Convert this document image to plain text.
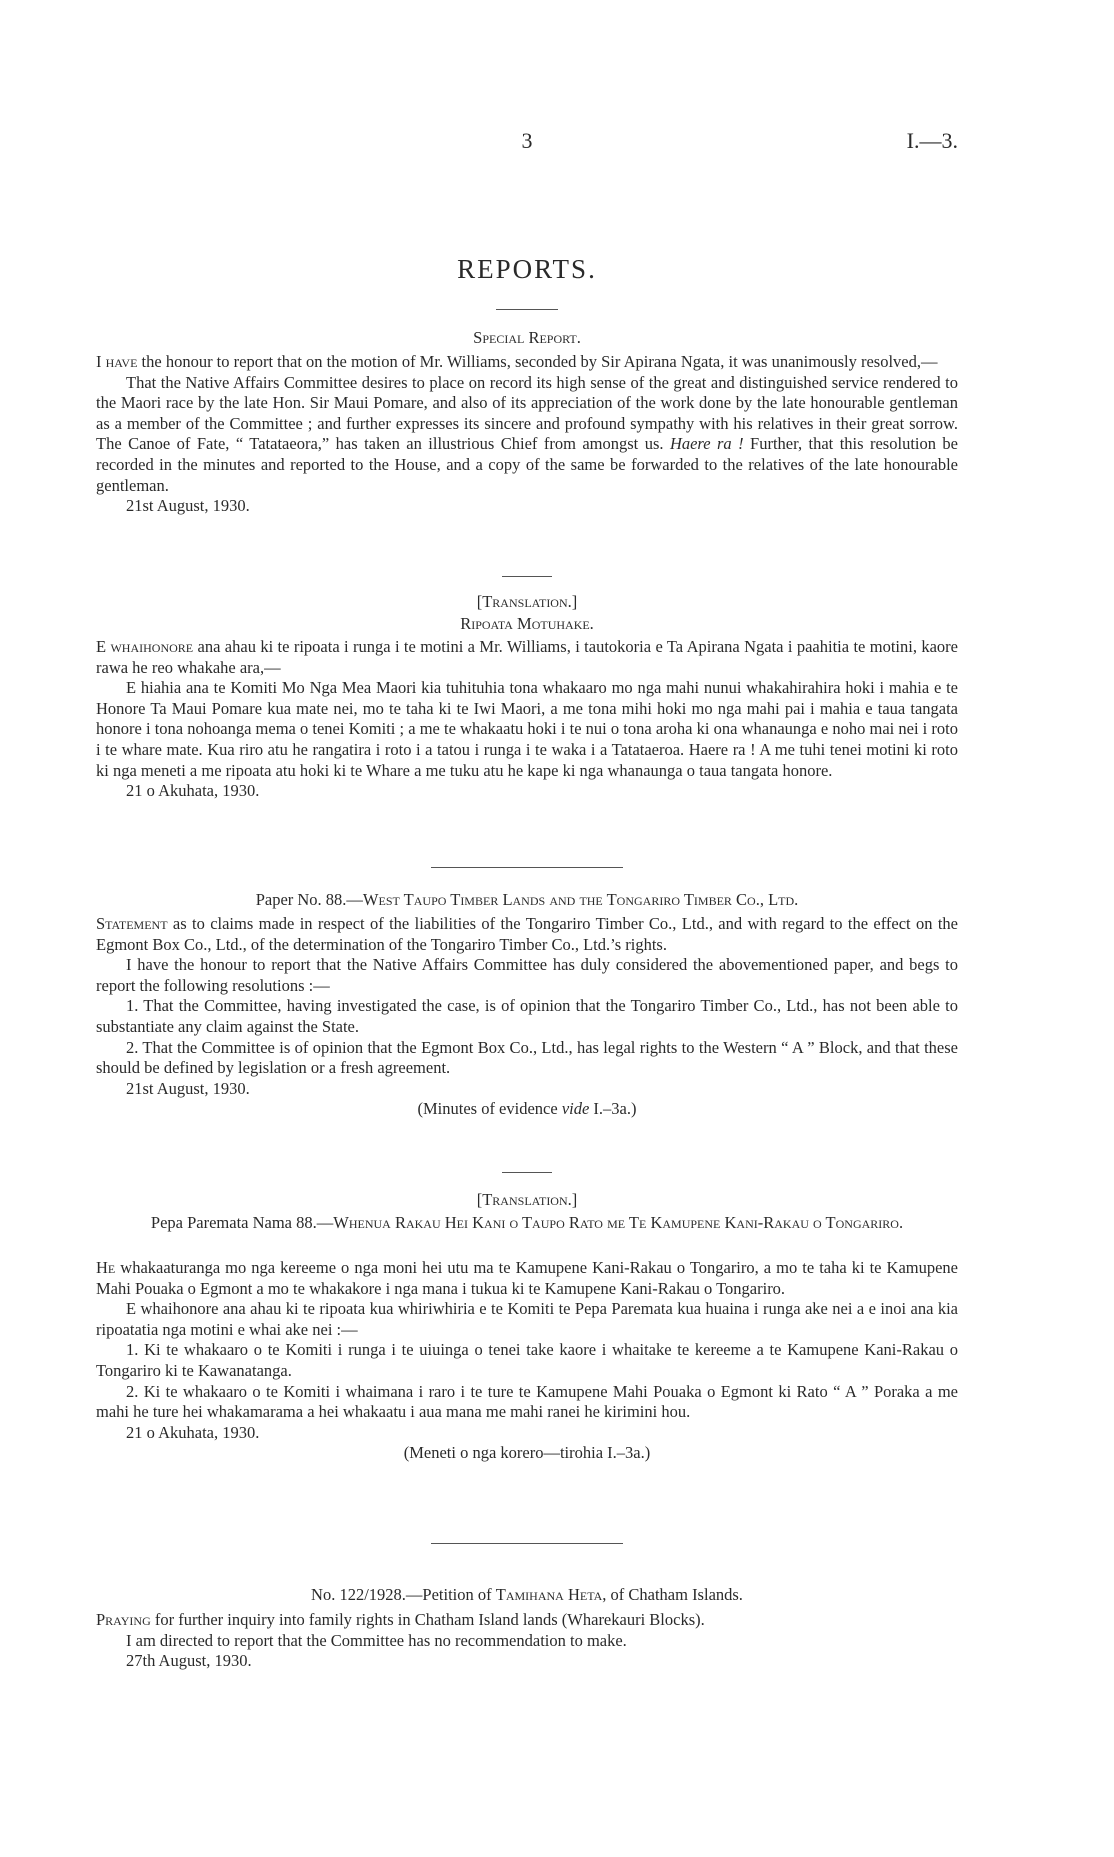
3	I.—3.
REPORTS.
Special Report.

I have the honour to report that on the motion of Mr. Williams, seconded by Sir Apirana Ngata, it was unanimously resolved,—

That the Native Affairs Committee desires to place on record its high sense of the great and distinguished service rendered to the Maori race by the late Hon. Sir Maui Pomare, and also of its appreciation of the work done by the late honourable gentleman as a member of the Committee ; and further expresses its sincere and profound sympathy with his relatives in their great sorrow. The Canoe of Fate, “ Tatataeora,” has taken an illustrious Chief from amongst us. Haere ra ! Further, that this resolution be recorded in the minutes and reported to the House, and a copy of the same be forwarded to the relatives of the late honourable gentleman.

21st August, 1930.

[Translation.]
Ripoata Motuhake.

E whaihonore ana ahau ki te ripoata i runga i te motini a Mr. Williams, i tautokoria e Ta Apirana Ngata i paahitia te motini, kaore rawa he reo whakahe ara,—

E hiahia ana te Komiti Mo Nga Mea Maori kia tuhituhia tona whakaaro mo nga mahi nunui whakahirahira hoki i mahia e te Honore Ta Maui Pomare kua mate nei, mo te taha ki te Iwi Maori, a me tona mihi hoki mo nga mahi pai i mahia e taua tangata honore i tona nohoanga mema o tenei Komiti ; a me te whakaatu hoki i te nui o tona aroha ki ona whanaunga e noho mai nei i roto i te whare mate. Kua riro atu he rangatira i roto i a tatou i runga i te waka i a Tatataeroa. Haere ra ! A me tuhi tenei motini ki roto ki nga meneti a me ripoata atu hoki ki te Whare a me tuku atu he kape ki nga whanaunga o taua tangata honore.

21 o Akuhata, 1930.

Paper No. 88.—West Taupo Timber Lands and the Tongariro Timber Co., Ltd.

Statement as to claims made in respect of the liabilities of the Tongariro Timber Co., Ltd., and with regard to the effect on the Egmont Box Co., Ltd., of the determination of the Tongariro Timber Co., Ltd.’s rights.

I have the honour to report that the Native Affairs Committee has duly considered the abovementioned paper, and begs to report the following resolutions :—

1. That the Committee, having investigated the case, is of opinion that the Tongariro Timber Co., Ltd., has not been able to substantiate any claim against the State.

2. That the Committee is of opinion that the Egmont Box Co., Ltd., has legal rights to the Western “ A ” Block, and that these should be defined by legislation or a fresh agreement.

21st August, 1930.

(Minutes of evidence vide I.–3a.)

[Translation.]
Pepa Paremata Nama 88.—Whenua Rakau Hei Kani o Taupo Rato me Te Kamupene Kani-Rakau o Tongariro.

He whakaaturanga mo nga kereeme o nga moni hei utu ma te Kamupene Kani-Rakau o Tongariro, a mo te taha ki te Kamupene Mahi Pouaka o Egmont a mo te whakakore i nga mana i tukua ki te Kamupene Kani-Rakau o Tongariro.

E whaihonore ana ahau ki te ripoata kua whiriwhiria e te Komiti te Pepa Paremata kua huaina i runga ake nei a e inoi ana kia ripoatatia nga motini e whai ake nei :—

1. Ki te whakaaro o te Komiti i runga i te uiuinga o tenei take kaore i whaitake te kereeme a te Kamupene Kani-Rakau o Tongariro ki te Kawanatanga.

2. Ki te whakaaro o te Komiti i whaimana i raro i te ture te Kamupene Mahi Pouaka o Egmont ki Rato “ A ” Poraka a me mahi he ture hei whakamarama a hei whakaatu i aua mana me mahi ranei he kirimini hou.

21 o Akuhata, 1930.

(Meneti o nga korero—tirohia I.–3a.)

No. 122/1928.—Petition of Tamihana Heta, of Chatham Islands.

Praying for further inquiry into family rights in Chatham Island lands (Wharekauri Blocks).

I am directed to report that the Committee has no recommendation to make.

27th August, 1930.
